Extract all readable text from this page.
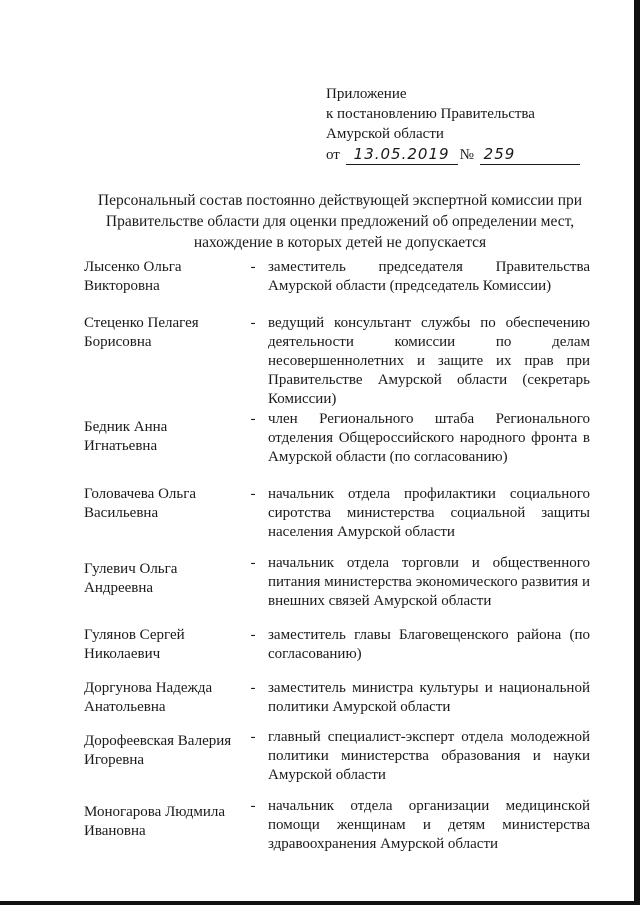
Приложение
к постановлению Правительства
Амурской области
от 13.05.2019 № 259
Персональный состав постоянно действующей экспертной комиссии при
Правительстве области для оценки предложений об определении мест,
нахождение в которых детей не допускается
Лысенко Ольга
Викторовна
- заместитель председателя Правительства Амурской области (председатель Комиссии)
Стеценко Пелагея
Борисовна
- ведущий консультант службы по обеспечению деятельности комиссии по делам несовершеннолетних и защите их прав при Правительстве Амурской области (секретарь Комиссии)
Бедник Анна
Игнатьевна
- член Регионального штаба Регионального отделения Общероссийского народного фронта в Амурской области (по согласованию)
Головачева Ольга
Васильевна
- начальник отдела профилактики социального сиротства министерства социальной защиты населения Амурской области
Гулевич Ольга
Андреевна
- начальник отдела торговли и общественного питания министерства экономического развития и внешних связей Амурской области
Гулянов Сергей
Николаевич
- заместитель главы Благовещенского района (по согласованию)
Доргунова Надежда
Анатольевна
- заместитель министра культуры и национальной политики Амурской области
Дорофеевская Валерия
Игоревна
- главный специалист-эксперт отдела молодежной политики министерства образования и науки Амурской области
Моногарова Людмила
Ивановна
- начальник отдела организации медицинской помощи женщинам и детям министерства здравоохранения Амурской области
